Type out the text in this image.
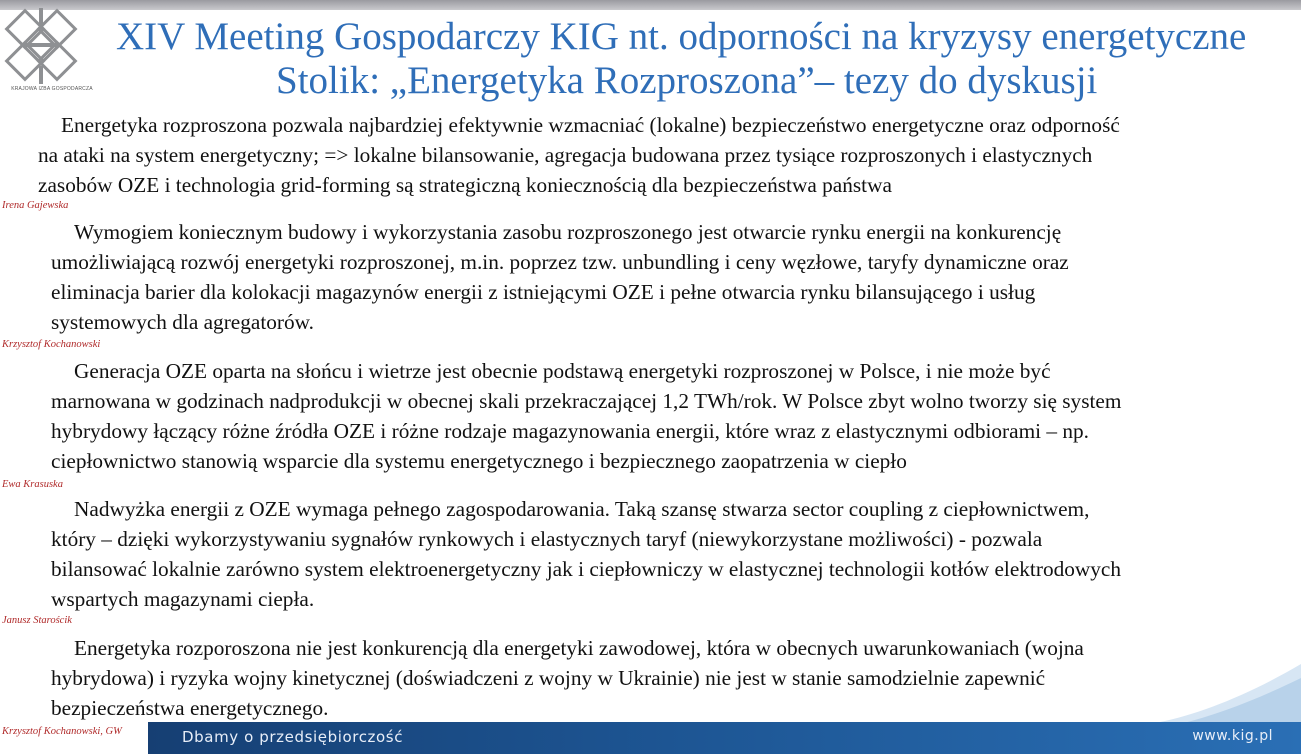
KRAJOWA IZBA GOSPODARCZA
XIV Meeting Gospodarczy KIG nt. odporności na kryzysy energetyczne
Stolik: „Energetyka Rozproszona”– tezy do dyskusji

Energetyka rozproszona pozwala najbardziej efektywnie wzmacniać (lokalne) bezpieczeństwo energetyczne oraz odporność
na ataki na system energetyczny; => lokalne bilansowanie, agregacja budowana przez tysiące rozproszonych i elastycznych
zasobów OZE i technologia grid-forming są strategiczną koniecznością dla bezpieczeństwa państwa

Irena Gajewska

Wymogiem koniecznym budowy i wykorzystania zasobu rozproszonego jest otwarcie rynku energii na konkurencję
umożliwiającą rozwój energetyki rozproszonej, m.in. poprzez tzw. unbundling i ceny węzłowe, taryfy dynamiczne oraz
eliminacja barier dla kolokacji magazynów energii z istniejącymi OZE i pełne otwarcia rynku bilansującego i usług
systemowych dla agregatorów.

Krzysztof Kochanowski

Generacja OZE oparta na słońcu i wietrze jest obecnie podstawą energetyki rozproszonej w Polsce, i nie może być
marnowana w godzinach nadprodukcji w obecnej skali przekraczającej 1,2 TWh/rok. W Polsce zbyt wolno tworzy się system
hybrydowy łączący różne źródła OZE i różne rodzaje magazynowania energii, które wraz z elastycznymi odbiorami – np.
ciepłownictwo stanowią wsparcie dla systemu energetycznego i bezpiecznego zaopatrzenia w ciepło

Ewa Krasuska

Nadwyżka energii z OZE wymaga pełnego zagospodarowania. Taką szansę stwarza sector coupling z ciepłownictwem,
który – dzięki wykorzystywaniu sygnałów rynkowych i elastycznych taryf (niewykorzystane możliwości) - pozwala
bilansować lokalnie zarówno system elektroenergetyczny jak i ciepłowniczy w elastycznej technologii kotłów elektrodowych
wspartych magazynami ciepła.

Janusz Starościk

Energetyka rozporoszona nie jest konkurencją dla energetyki zawodowej, która w obecnych uwarunkowaniach (wojna
hybrydowa) i ryzyka wojny kinetycznej (doświadczeni z wojny w Ukrainie) nie jest w stanie samodzielnie zapewnić
bezpieczeństwa energetycznego.

Krzysztof Kochanowski, GW	Dbamy o przedsiębiorczość	www.kig.pl
